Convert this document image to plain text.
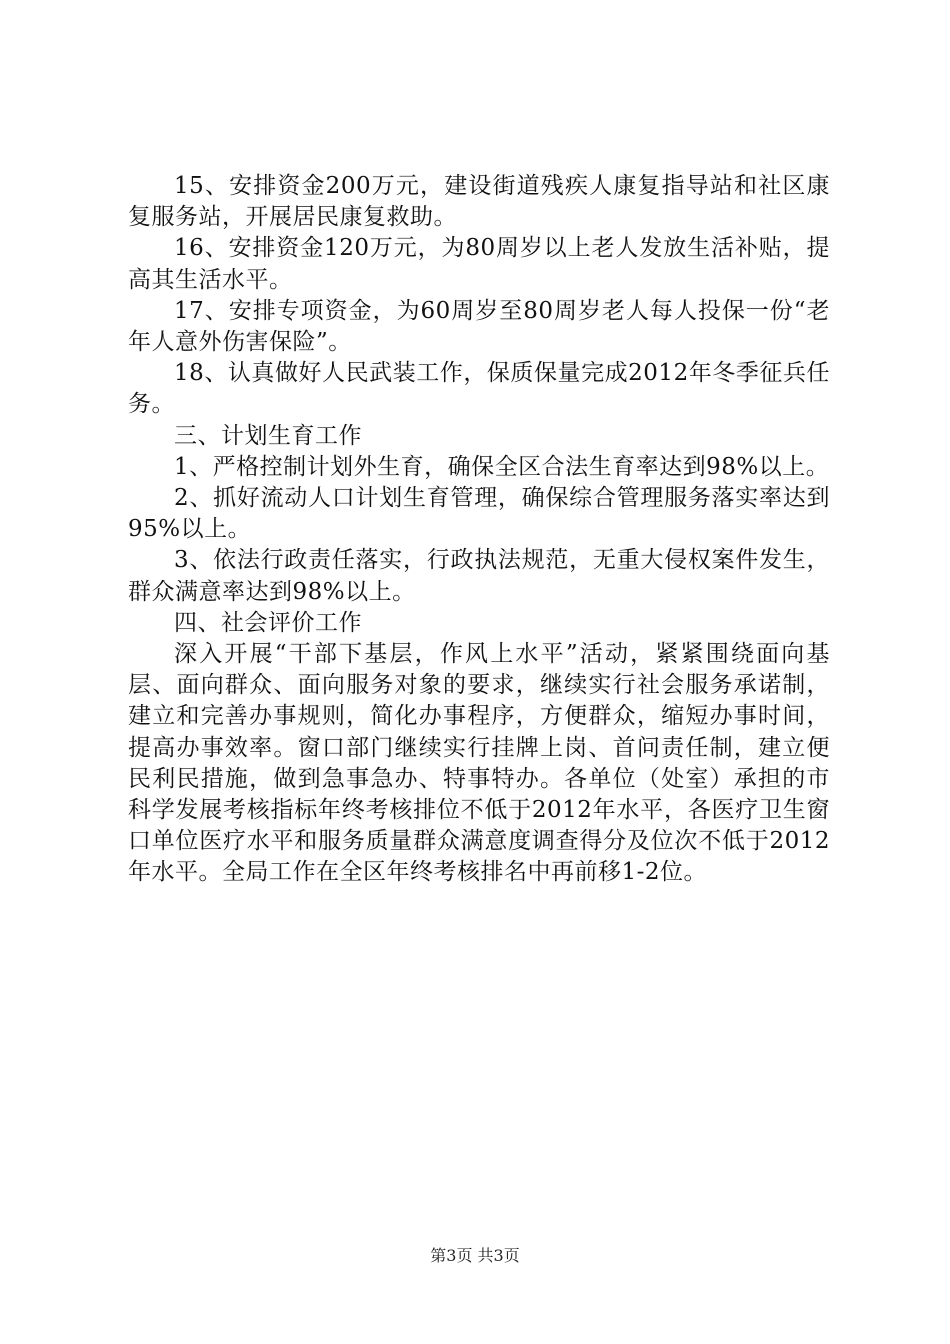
15、安排资金200万元，建设街道残疾人康复指导站和社区康复服务站，开展居民康复救助。

16、安排资金120万元，为80周岁以上老人发放生活补贴，提高其生活水平。

17、安排专项资金，为60周岁至80周岁老人每人投保一份“老年人意外伤害保险”。

18、认真做好人民武装工作，保质保量完成2012年冬季征兵任务。

三、计划生育工作

1、严格控制计划外生育，确保全区合法生育率达到98%以上。

2、抓好流动人口计划生育管理，确保综合管理服务落实率达到95%以上。

3、依法行政责任落实，行政执法规范，无重大侵权案件发生，群众满意率达到98%以上。

四、社会评价工作

深入开展“干部下基层，作风上水平”活动，紧紧围绕面向基层、面向群众、面向服务对象的要求，继续实行社会服务承诺制，建立和完善办事规则，简化办事程序，方便群众，缩短办事时间，提高办事效率。窗口部门继续实行挂牌上岗、首问责任制，建立便民利民措施，做到急事急办、特事特办。各单位（处室）承担的市科学发展考核指标年终考核排位不低于2012年水平，各医疗卫生窗口单位医疗水平和服务质量群众满意度调查得分及位次不低于2012年水平。全局工作在全区年终考核排名中再前移1-2位。

第3页 共3页
